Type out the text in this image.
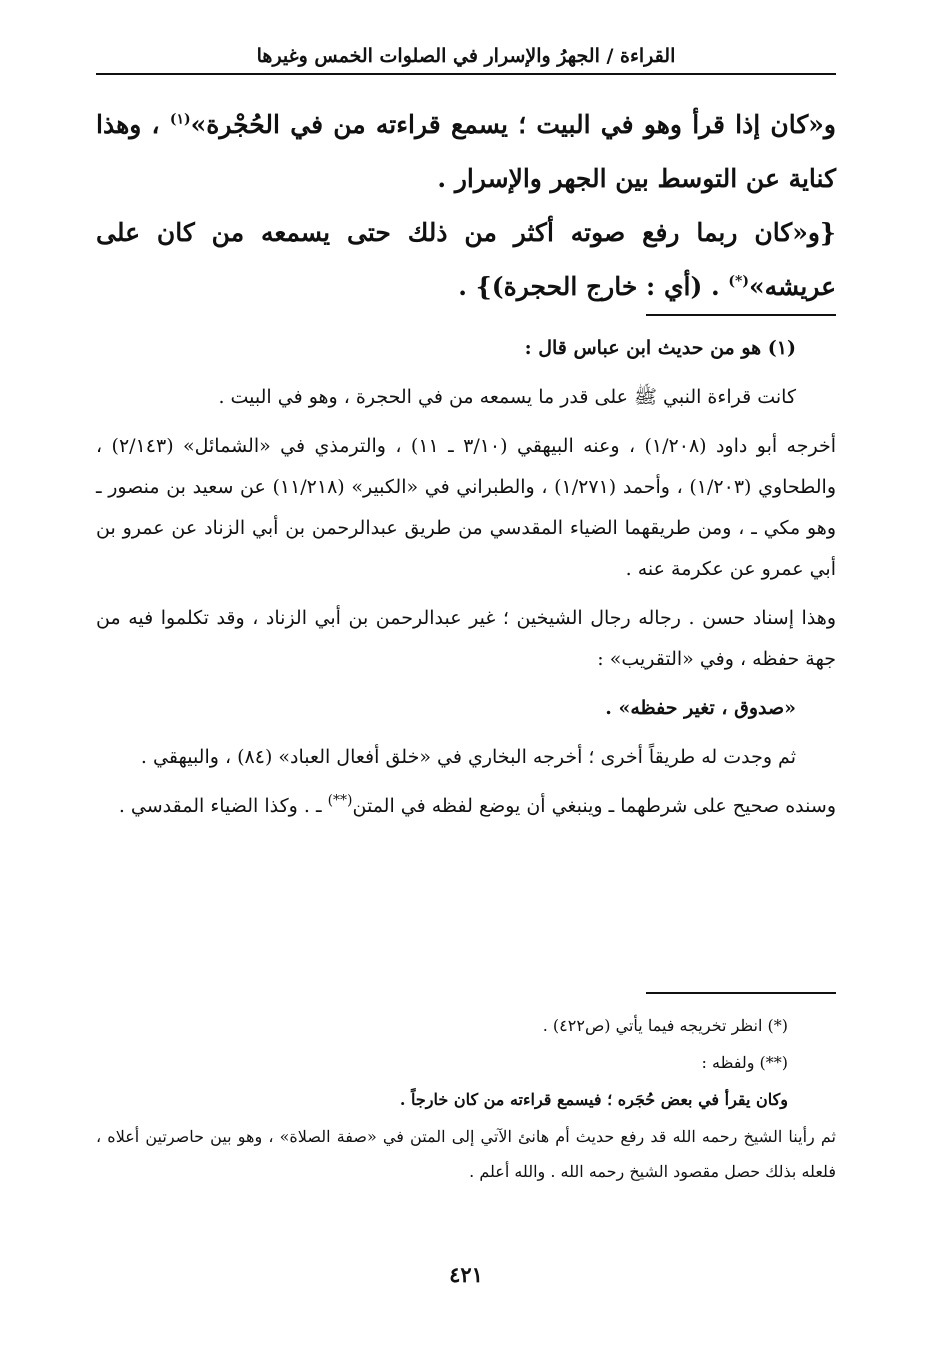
القراءة / الجهرُ والإسرار في الصلوات الخمس وغيرها

و«كان إذا قرأ وهو في البيت ؛ يسمع قراءته من في الحُجْرة»$^{(١)}$ ، وهذا كناية عن التوسط بين الجهر والإسرار .

{و«كان ربما رفع صوته أكثر من ذلك حتى يسمعه من كان على عريشه»(*) . (أي : خارج الحجرة)} .

(١) هو من حديث ابن عباس قال :

كانت قراءة النبي ﷺ على قدر ما يسمعه من في الحجرة ، وهو في البيت .

أخرجه أبو داود (١/٢٠٨) ، وعنه البيهقي (٣/١٠ ـ ١١) ، والترمذي في «الشمائل» (٢/١٤٣) ، والطحاوي (١/٢٠٣) ، وأحمد (١/٢٧١) ، والطبراني في «الكبير» (١١/٢١٨) عن سعيد بن منصور ـ وهو مكي ـ ، ومن طريقهما الضياء المقدسي من طريق عبدالرحمن بن أبي الزناد عن عمرو بن أبي عمرو عن عكرمة عنه .

وهذا إسناد حسن . رجاله رجال الشيخين ؛ غير عبدالرحمن بن أبي الزناد ، وقد تكلموا فيه من جهة حفظه ، وفي «التقريب» :

«صدوق ، تغير حفظه» .

ثم وجدت له طريقاً أخرى ؛ أخرجه البخاري في «خلق أفعال العباد» (٨٤) ، والبيهقي .

وسنده صحيح على شرطهما ـ وينبغي أن يوضع لفظه في المتن(**) ـ . وكذا الضياء المقدسي .

(*) انظر تخريجه فيما يأتي (ص٤٢٢) .

(**) ولفظه :

وكان يقرأ في بعض حُجَره ؛ فيسمع قراءته من كان خارجاً .

ثم رأينا الشيخ رحمه الله قد رفع حديث أم هانئ الآتي إلى المتن في «صفة الصلاة» ، وهو بين حاصرتين أعلاه ، فلعله بذلك حصل مقصود الشيخ رحمه الله . والله أعلم .

٤٢١
